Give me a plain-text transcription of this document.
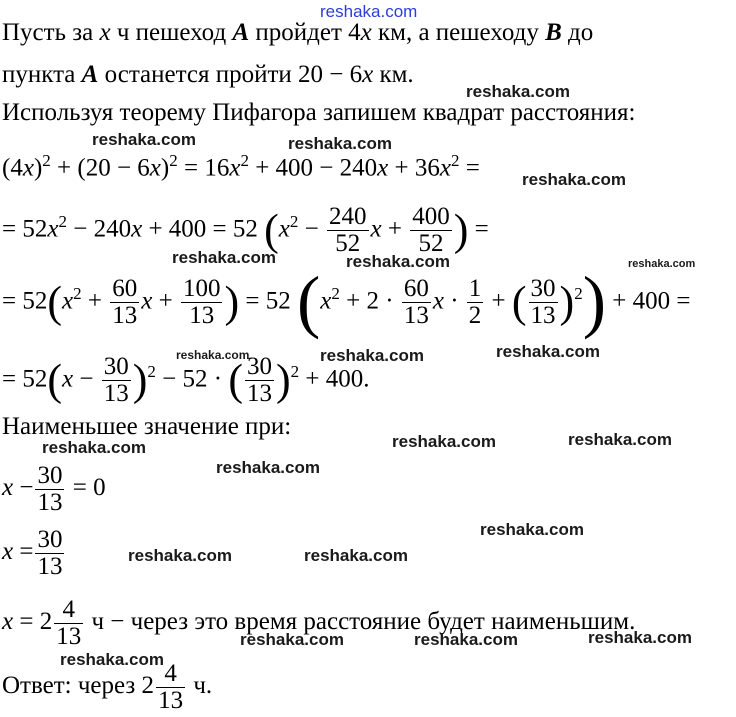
reshaka.com
Пусть за x ч пешеход A пройдет 4x км, а пешеходу B до
пункта A останется пройти 20 − 6x км.
Используя теорему Пифагора запишем квадрат расстояния:
$(4x)^2 + (20 - 6x)^2 = 16x^2 + 400 - 240x + 36x^2$ =
= $52x^2 - 240x + 400 = 52$ ($x^2 - \frac{240}{52}$ $x + \frac{400}{52}$ ) =
= $52(x^2 + \frac{60}{13}$ $x + \frac{100}{13}$ ) = 52 ($x^2 + 2 \cdot \frac{60}{13}$ $x \cdot \frac{1}{2}$ + ( $\frac{30}{13} )^2) + 400$ =
= $52(x - \frac{30}{13} )^2 - 52$ · ( $\frac{30}{13} )^2 + 400$.
Наименьшее значение при:
$x - \frac{30}{13} = 0$
$x = \frac{30}{13}$
$x = 2 \frac{4}{13}$ ч − через это время расстояние будет наименьшим.
Ответ: через $2 \frac{4}{13} ч$.
reshaka.com
reshaka.com	reshaka.com
reshaka.com
reshaka.com	reshaka.com	reshaka.com
reshaka.com	reshaka.com	reshaka.com
reshaka.com	reshaka.com	reshaka.com
reshaka.com
reshaka.com
reshaka.com	reshaka.com
reshaka.com
reshaka.com
reshaka.com	reshaka.com
